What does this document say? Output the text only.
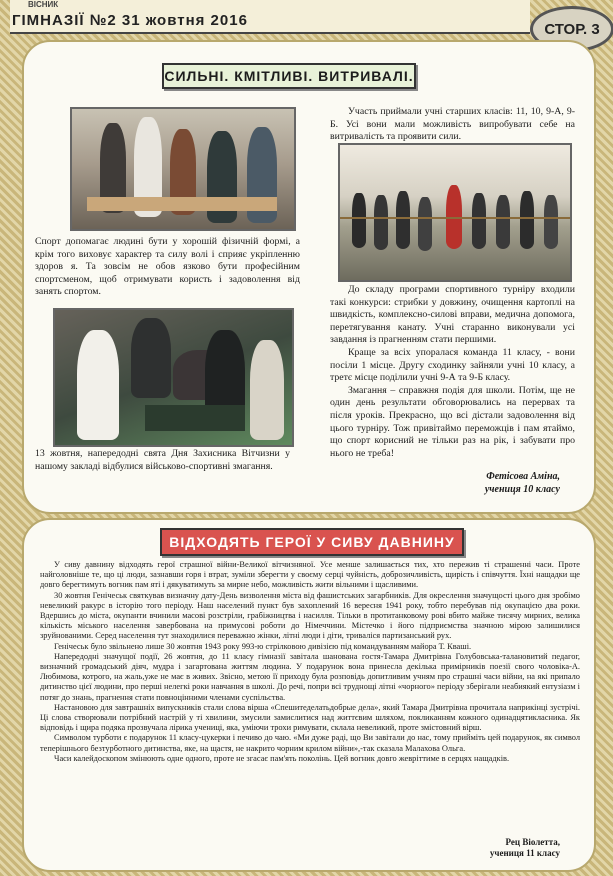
ВІСНИК
ГІМНАЗІЇ №2 31 жовтня 2016	СТОР. 3
СИЛЬНІ. КМІТЛИВІ. ВИТРИВАЛІ.
Спорт допомагає людині бути у хорошій фізичній формі, а крім того виховує характер та силу волі і сприяє укріпленню здоров я. Та зовсім не обов язково бути професійним спортсменом, щоб отримувати користь і задоволення від занять спортом.
13 жовтня, напередодні свята Дня Захисника Вітчизни у нашому закладі відбулися військово-спортивні змагання.
Участь приймали учні старших класів: 11, 10, 9-А, 9-Б. Усі вони мали можливість випробувати себе на витривалість та проявити сили.

До складу програми спортивного турніру входили такі конкурси: стрибки у довжину, очищення картоплі на швидкість, комплексно-силові вправи, медична допомога, перетягування канату. Учні старанно виконували усі завдання із прагненням стати першими.

Краще за всіх упоралася команда 11 класу, - вони посіли 1 місце. Другу сходинку зайняли учні 10 класу, а третє місце поділили учні 9-А та 9-Б класу.

Змагання – справжня подія для школи. Потім, ще не один день результати обговорювались на перервах та після уроків. Прекрасно, що всі дістали задоволення від цього турніру. Тож привітаймо переможців і пам ятаймо, що спорт корисний не тільки раз на рік, і забувати про нього не треба!

Фетісова Аміна,
учениця 10 класу
ВІДХОДЯТЬ ГЕРОЇ У СИВУ ДАВНИНУ

У сиву давнину відходять герої страшної війни-Великої вітчизняної. Усе менше залишається тих, хто пережив ті страшенні часи. Проте найголовніше те, що ці люди, зазнавши горя і втрат, зуміли зберегти у своєму серці чуйність, доброзичливість, щирість і співчуття. Їхні нащадки ще довго берегтимуть вогник пам яті і дякуватимуть за мирне небо, можливість жити вільними і щасливими.

30 жовтня Генічеськ святкував визначну дату-День визволення міста від фашистських загарбників. Для окреслення значущості цього дня зробімо невеликий ракурс в історію того періоду. Наш населений пункт був захоплений 16 вересня 1941 року, тобто перебував під окупацією два роки. Вдершись до міста, окупанти вчинили масові розстріли, грабіжництва і насилля. Тільки в протитанковому рові вбито майже тисячу мирних, велика кількість міського населення завербована на примусові роботи до Німеччини. Містечко і його підприємства значною мірою залишилися зруйнованими. Серед населення тут знаходилися переважно жінки, літні люди і діти, триваліся партизанський рух.

Генічеськ було звільнено лише 30 жовтня 1943 року 993-ю стрілковою дивізією під командуванням майора Т. Кваші.

Напередодні значущої події, 26 жовтня, до 11 класу гімназії завітала шанована гостя-Тамара Дмитрівна Голубовська-талановитий педагог, визначний громадський діяч, мудра і загартована життям людина. У подарунок вона принесла декілька примірників поезії свого чоловіка-А. Любимова, котрого, на жаль,уже не має в живих. Звісно, метою її приходу була розповідь допитливим учням про страшні часи війни, на які припало дитинство цієї людини, про перші нелегкі роки навчання в школі. До речі, попри всі труднощі літні «чорного» періоду зберігали неабиякий ентузіазм і потяг до знань, прагнення стати повноцінними членами суспільства.

Настановою для завтрашніх випускників стали слова вірша «Спешитеделатьдобрые дела», який Тамара Дмитрівна прочитала наприкінці зустрічі. Ці слова створювали потрібний настрій у ті хвилини, змусили замислитися над життєвим шляхом, покликанням кожного одинадцятикласника. Як відповідь і щира подяка прозвучала лірика учениці, яка, уміючи трохи римувати, склала невеликий, проте змістовний вірш.

Символом турботи є подарунок 11 класу-цукерки і печиво до чаю. «Ми дуже раді, що Ви завітали до нас, тому прийміть цей подарунок, як символ теперішнього безтурботного дитинства, яке, на щастя, не накрито чорним крилом війни»,-так сказала Малахова Ольга.

Часи калейдоскопом змінюють одне одного, проте не згасає пам'ять поколінь. Цей вогник довго жевріттиме в серцях нащадків.

Рец Віолетта,
учениця 11 класу
